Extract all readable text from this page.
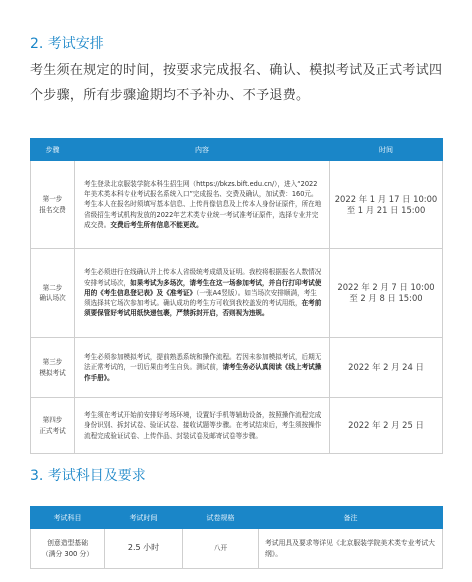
2. 考试安排
考生须在规定的时间，按要求完成报名、确认、模拟考试及正式考试四个步骤，所有步骤逾期均不予补办、不予退费。
步骤	内容	时间

第一步
报名交费	考生登录北京服装学院本科生招生网（https://bkzs.bift.edu.cn/），进入“2022年美术类本科专业考试报名系统入口”完成报名、交费及确认，加试费：160元。考生本人在报名时须填写基本信息、上传肖像信息及上传本人身份证原件，所在地省级招生考试机构发放的2022年艺术类专业统一考试准考证原件，选择专业并完成交费。交费后考生所有信息不能更改。	2022 年 1 月 17 日 10:00 至 1 月 21 日 15:00

第二步
确认场次	考生必须进行在线确认并上传本人省级统考成绩及证明。我校将根据报名人数情况安排考试场次，如果考试为多场次，请考生在这一场参加考试，并自行打印考试使用的《考生信息登记表》及《准考证》（一张A4竖版）。如当场次安排顺满，考生须选择其它场次参加考试。确认成功的考生方可收到我校盖发的考试用纸，在考前须要保管好考试用纸快递包裹，严禁拆封开启，否则视为违规。	2022 年 2 月 7 日 10:00 至 2 月 8 日 15:00

第三步
模拟考试	考生必须参加模拟考试，提前熟悉系统和操作流程。若因未参加模拟考试，后期无法正常考试的，一切后果由考生自负。测试前，请考生务必认真阅读《线上考试操作手册》。	2022 年 2 月 24 日

第四步
正式考试	考生须在考试开始前安排好考场环境，设置好手机等辅助设备，按照操作流程完成身份识别、拆封试卷、验证试卷、接收试题等步骤。在考试结束后，考生须按操作流程完成验证试卷、上传作品、封装试卷及邮寄试卷等步骤。	2022 年 2 月 25 日
3. 考试科目及要求
考试科目	考试时间	试卷规格	备注

创意造型基础
（满分 300 分）	2.5 小时	八开	考试用具及要求等详见《北京服装学院美术类专业考试大纲》。
